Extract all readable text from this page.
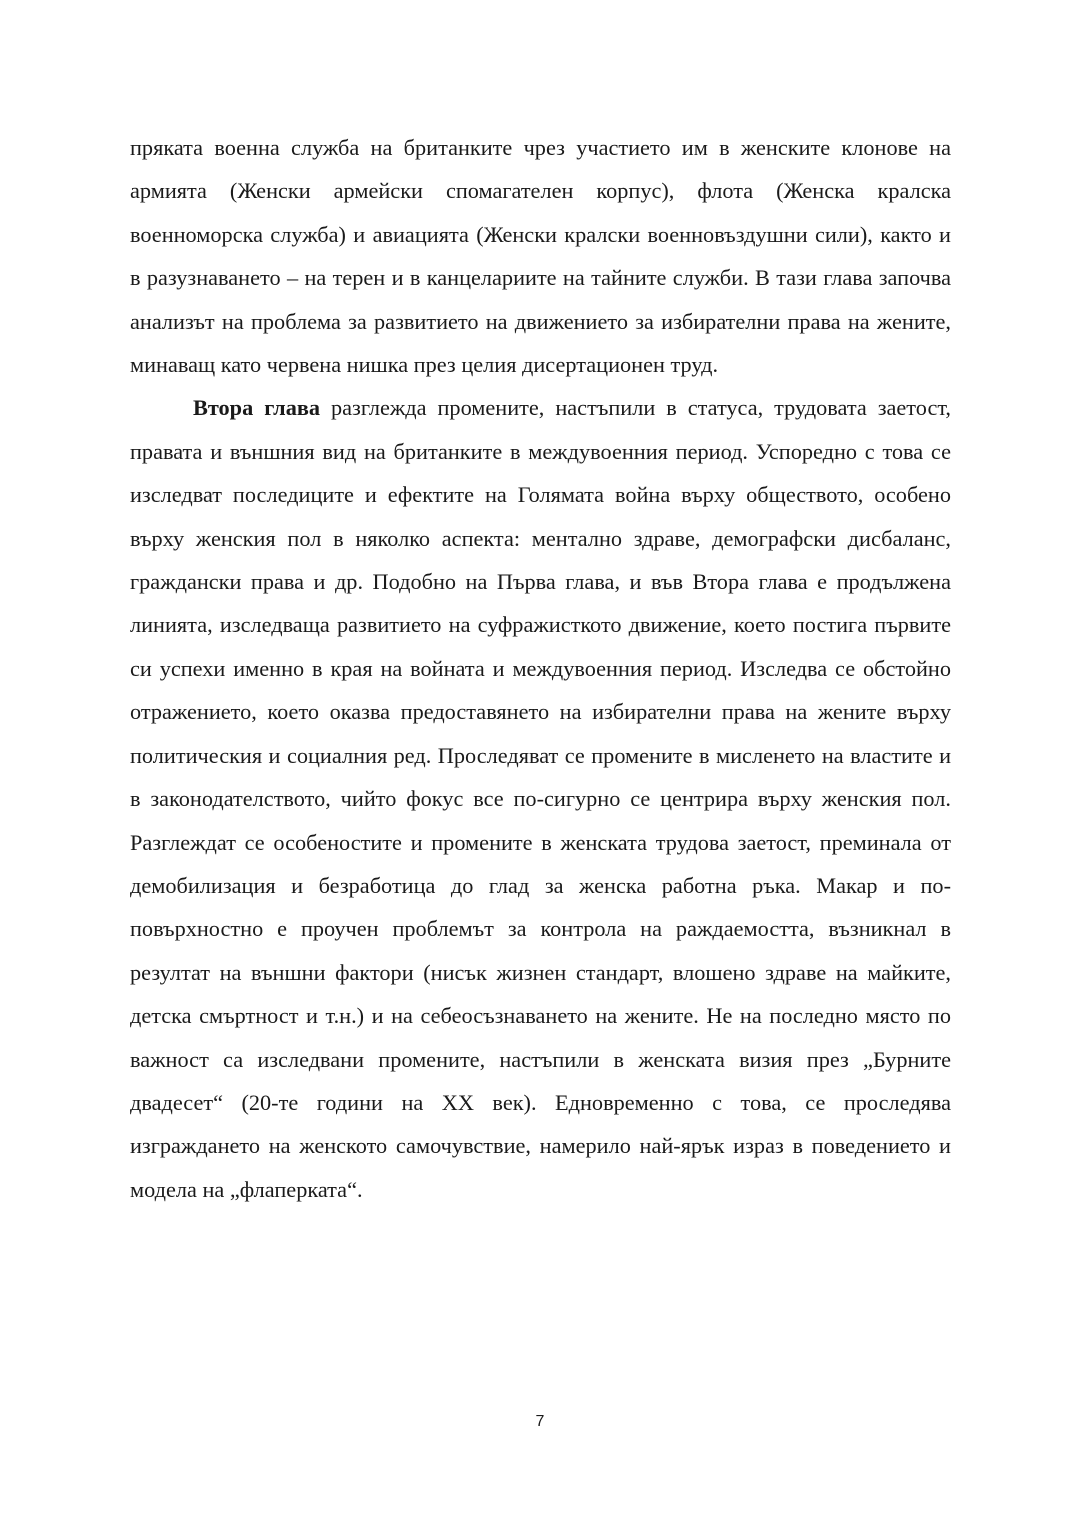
пряката военна служба на британките чрез участието им в женските клонове на армията (Женски армейски спомагателен корпус), флота (Женска кралска военноморска служба) и авиацията (Женски кралски военновъздушни сили), както и в разузнаването – на терен и в канцелариите на тайните служби. В тази глава започва анализът на проблема за развитието на движението за избирателни права на жените, минаващ като червена нишка през целия дисертационен труд.

Втора глава разглежда промените, настъпили в статуса, трудовата заетост, правата и външния вид на британките в междувоенния период. Успоредно с това се изследват последиците и ефектите на Голямата война върху обществото, особено върху женския пол в няколко аспекта: ментално здраве, демографски дисбаланс, граждански права и др. Подобно на Първа глава, и във Втора глава е продължена линията, изследваща развитието на суфражисткото движение, което постига първите си успехи именно в края на войната и междувоенния период. Изследва се обстойно отражението, което оказва предоставянето на избирателни права на жените върху политическия и социалния ред. Проследяват се промените в мисленето на властите и в законодателството, чийто фокус все по-сигурно се центрира върху женския пол. Разглеждат се особеностите и промените в женската трудова заетост, преминала от демобилизация и безработица до глад за женска работна ръка. Макар и по-повърхностно е проучен проблемът за контрола на раждаемостта, възникнал в резултат на външни фактори (нисък жизнен стандарт, влошено здраве на майките, детска смъртност и т.н.) и на себеосъзнаването на жените. Не на последно място по важност са изследвани промените, настъпили в женската визия през „Бурните двадесет“ (20-те години на ХХ век). Едновременно с това, се проследява изграждането на женското самочувствие, намерило най-ярък израз в поведението и модела на „флаперката“.

7
